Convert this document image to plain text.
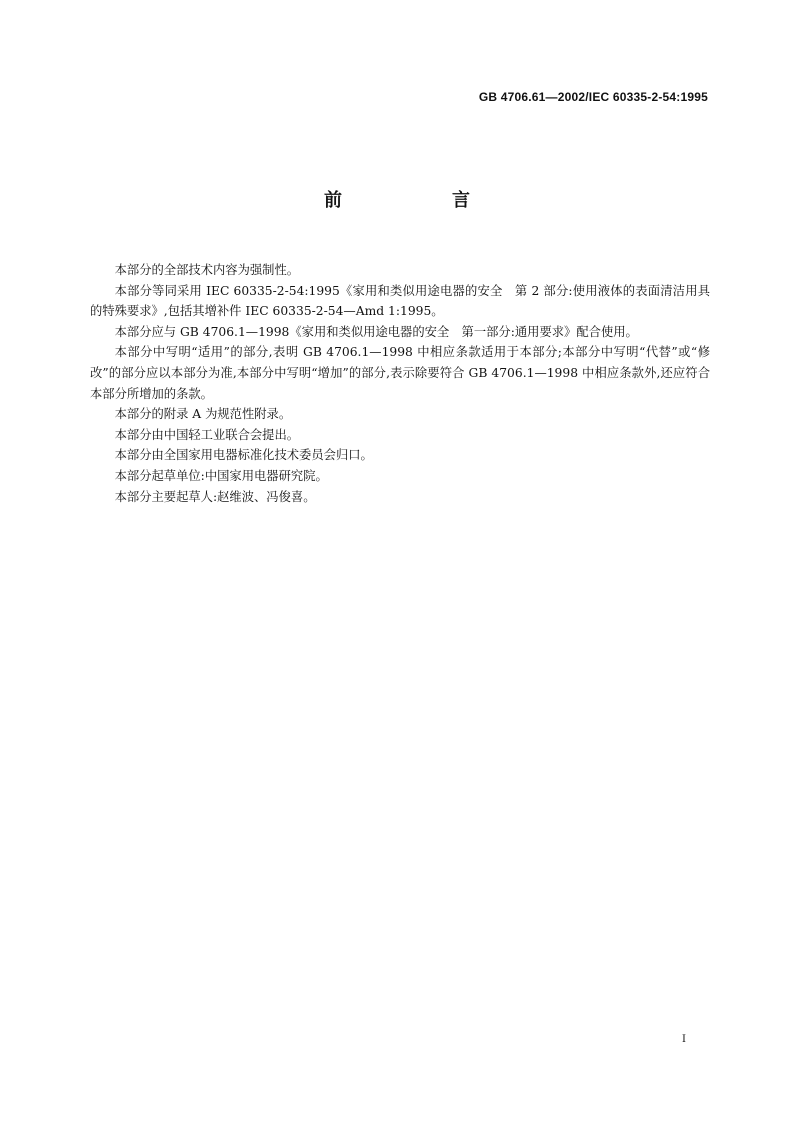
GB 4706.61—2002/IEC 60335-2-54:1995
前　言

本部分的全部技术内容为强制性。

本部分等同采用 IEC 60335-2-54:1995《家用和类似用途电器的安全　第 2 部分:使用液体的表面清洁用具的特殊要求》,包括其增补件 IEC 60335-2-54—Amd 1:1995。

本部分应与 GB 4706.1—1998《家用和类似用途电器的安全　第一部分:通用要求》配合使用。

本部分中写明“适用”的部分,表明 GB 4706.1—1998 中相应条款适用于本部分;本部分中写明“代替”或“修改”的部分应以本部分为准,本部分中写明“增加”的部分,表示除要符合 GB 4706.1—1998 中相应条款外,还应符合本部分所增加的条款。

本部分的附录 A 为规范性附录。

本部分由中国轻工业联合会提出。

本部分由全国家用电器标准化技术委员会归口。

本部分起草单位:中国家用电器研究院。

本部分主要起草人:赵维波、冯俊喜。

I
